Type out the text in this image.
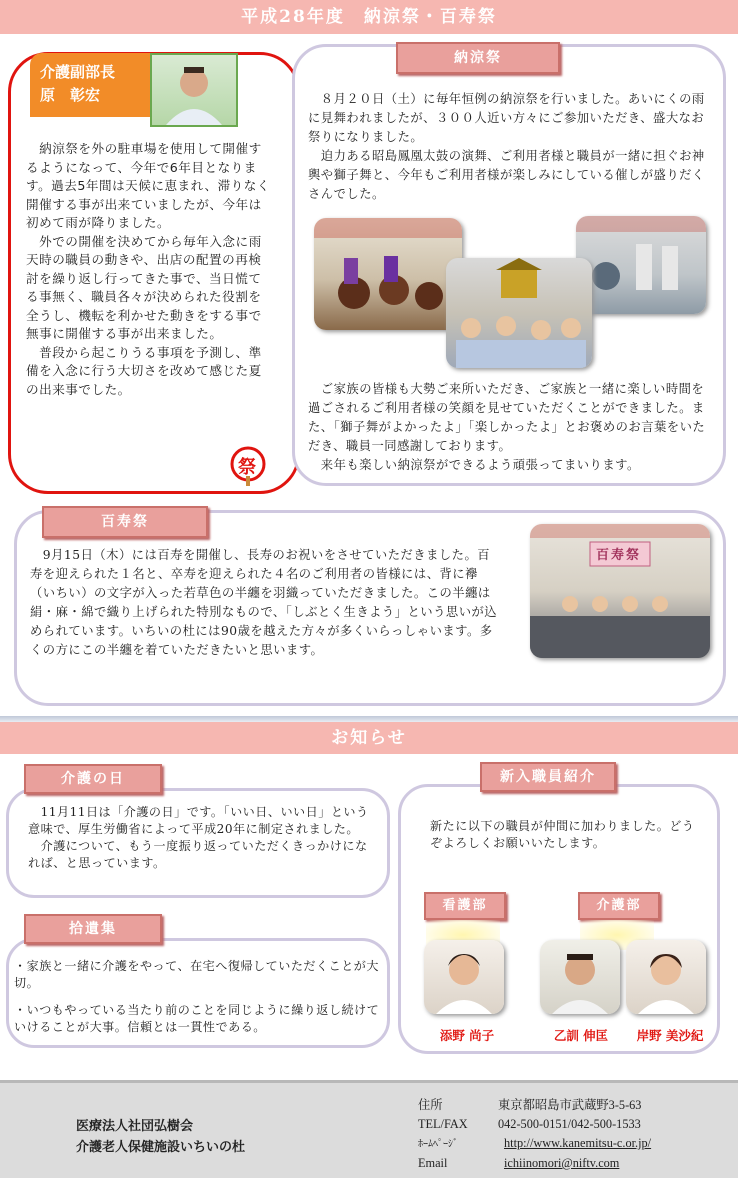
平成28年度　納涼祭・百寿祭
介護副部長
原　彰宏

　納涼祭を外の駐車場を使用して開催するようになって、今年で6年目となります。過去5年間は天候に恵まれ、滞りなく開催する事が出来ていましたが、今年は初めて雨が降りました。

　外での開催を決めてから毎年入念に雨天時の職員の動きや、出店の配置の再検討を繰り返し行ってきた事で、当日慌てる事無く、職員各々が決められた役割を全うし、機転を利かせた動きをする事で無事に開催する事が出来ました。

　普段から起こりうる事項を予測し、準備を入念に行う大切さを改めて感じた夏の出来事でした。

祭
納涼祭

　８月２０日（土）に毎年恒例の納涼祭を行いました。あいにくの雨に見舞われましたが、３００人近い方々にご参加いただき、盛大なお祭りになりました。

　迫力ある昭島鳳凰太鼓の演舞、ご利用者様と職員が一緒に担ぐお神輿や獅子舞と、今年もご利用者様が楽しみにしている催しが盛りだくさんでした。

　ご家族の皆様も大勢ご来所いただき、ご家族と一緒に楽しい時間を過ごされるご利用者様の笑顔を見せていただくことができました。また、「獅子舞がよかったよ」「楽しかったよ」とお褒めのお言葉をいただき、職員一同感謝しております。

　来年も楽しい納涼祭ができるよう頑張ってまいります。

百寿祭

　9月15日（木）には百寿を開催し、長寿のお祝いをさせていただきました。百寿を迎えられた１名と、卒寿を迎えられた４名のご利用者の皆様には、背に襷（いちい）の文字が入った若草色の半纏を羽織っていただきました。この半纏は絹・麻・綿で織り上げられた特別なもので、「しぶとく生きよう」という思いが込められています。いちいの杜には90歳を越えた方々が多くいらっしゃいます。多くの方にこの半纏を着ていただきたいと思います。

百寿祭
お知らせ
介護の日

　11月11日は「介護の日」です。「いい日、いい日」という意味で、厚生労働省によって平成20年に制定されました。

　介護について、もう一度振り返っていただくきっかけになれば、と思っています。

拾遺集

・家族と一緒に介護をやって、在宅へ復帰していただくことが大切。

・いつもやっている当たり前のことを同じように繰り返し続けていけることが大事。信頼とは一貫性である。

新入職員紹介

新たに以下の職員が仲間に加わりました。どうぞよろしくお願いいたします。

看護部	介護部
添野 尚子	乙訓 伸匡	岸野 美沙紀
医療法人社団弘樹会
介護老人保健施設いちいの杜
住所	東京都昭島市武蔵野3-5-63
TEL/FAX 042-500-0151/042-500-1533
ﾎｰﾑﾍﾟｰｼﾞ	http://www.kanemitsu-c.or.jp/
Email	ichiinomori@niftv.com
